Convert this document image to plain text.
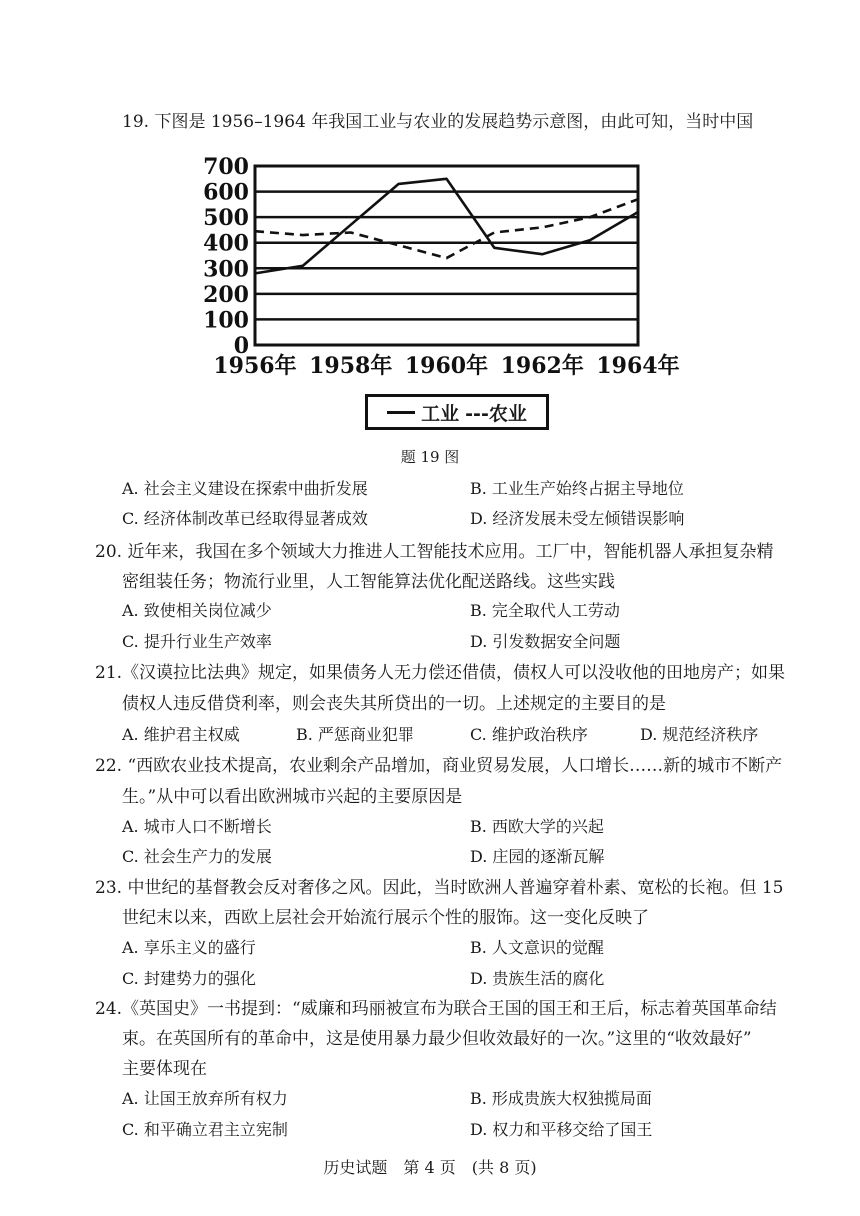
19. 下图是 1956–1964 年我国工业与农业的发展趋势示意图，由此可知，当时中国
0
100
200
300
400
500
600
700
1956年 1958年 1960年 1962年 1964年
工业 ---农业
题 19 图
A. 社会主义建设在探索中曲折发展	B. 工业生产始终占据主导地位
C. 经济体制改革已经取得显著成效	D. 经济发展未受左倾错误影响
20. 近年来，我国在多个领域大力推进人工智能技术应用。工厂中，智能机器人承担复杂精
密组装任务；物流行业里，人工智能算法优化配送路线。这些实践
A. 致使相关岗位减少	B. 完全取代人工劳动
C. 提升行业生产效率	D. 引发数据安全问题
21.《汉谟拉比法典》规定，如果债务人无力偿还借债，债权人可以没收他的田地房产；如果
债权人违反借贷利率，则会丧失其所贷出的一切。上述规定的主要目的是
A. 维护君主权威	B. 严惩商业犯罪	C. 维护政治秩序	D. 规范经济秩序
22. “西欧农业技术提高，农业剩余产品增加，商业贸易发展，人口增长……新的城市不断产
生。”从中可以看出欧洲城市兴起的主要原因是
A. 城市人口不断增长	B. 西欧大学的兴起
C. 社会生产力的发展	D. 庄园的逐渐瓦解
23. 中世纪的基督教会反对奢侈之风。因此，当时欧洲人普遍穿着朴素、宽松的长袍。但 15
世纪末以来，西欧上层社会开始流行展示个性的服饰。这一变化反映了
A. 享乐主义的盛行	B. 人文意识的觉醒
C. 封建势力的强化	D. 贵族生活的腐化
24.《英国史》一书提到：“威廉和玛丽被宣布为联合王国的国王和王后，标志着英国革命结
束。在英国所有的革命中，这是使用暴力最少但收效最好的一次。”这里的“收效最好”
主要体现在
A. 让国王放弃所有权力	B. 形成贵族大权独揽局面
C. 和平确立君主立宪制	D. 权力和平移交给了国王
历史试题　第 4 页　(共 8 页)
